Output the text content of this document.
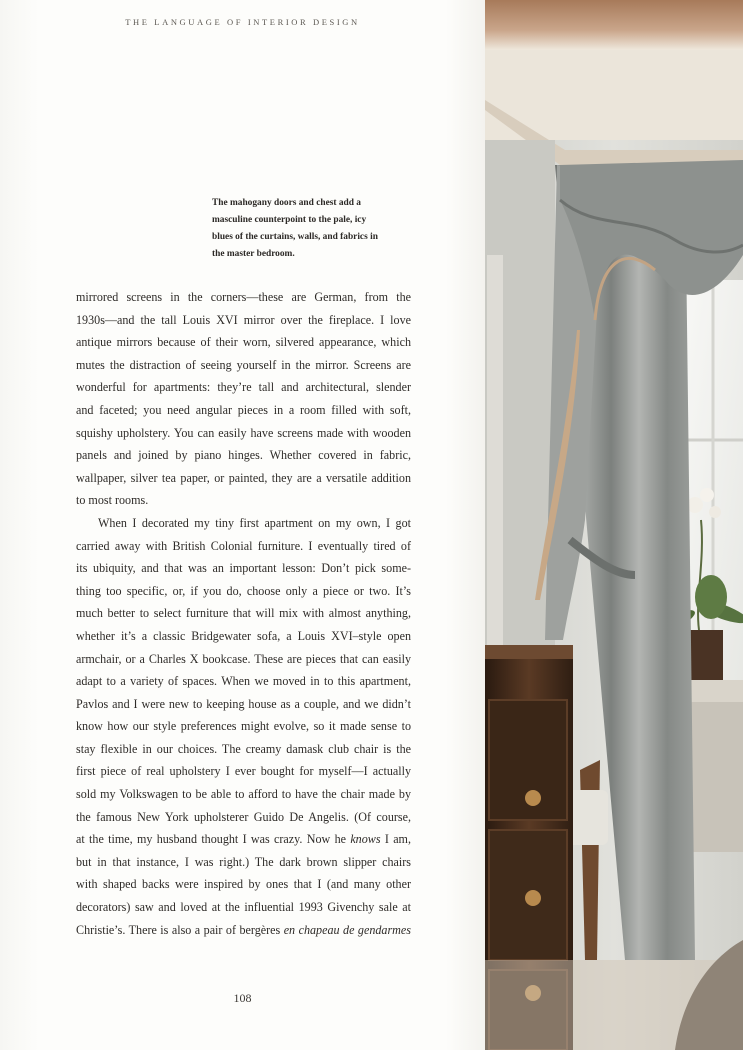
THE LANGUAGE OF INTERIOR DESIGN
The mahogany doors and chest add a
masculine counterpoint to the pale, icy
blues of the curtains, walls, and fabrics in
the master bedroom.
mirrored screens in the corners—these are German, from the
1930s—and the tall Louis XVI mirror over the fireplace. I love
antique mirrors because of their worn, silvered appearance, which
mutes the distraction of seeing yourself in the mirror. Screens are
wonderful for apartments: they’re tall and architectural, slender
and faceted; you need angular pieces in a room filled with soft,
squishy upholstery. You can easily have screens made with wooden
panels and joined by piano hinges. Whether covered in fabric,
wallpaper, silver tea paper, or painted, they are a versatile addition
to most rooms.
When I decorated my tiny first apartment on my own, I got
carried away with British Colonial furniture. I eventually tired of
its ubiquity, and that was an important lesson: Don’t pick some-
thing too specific, or, if you do, choose only a piece or two. It’s
much better to select furniture that will mix with almost anything,
whether it’s a classic Bridgewater sofa, a Louis XVI–style open
armchair, or a Charles X bookcase. These are pieces that can easily
adapt to a variety of spaces. When we moved in to this apartment,
Pavlos and I were new to keeping house as a couple, and we didn’t
know how our style preferences might evolve, so it made sense to
stay flexible in our choices. The creamy damask club chair is the
first piece of real upholstery I ever bought for myself—I actually
sold my Volkswagen to be able to afford to have the chair made by
the famous New York upholsterer Guido De Angelis. (Of course,
at the time, my husband thought I was crazy. Now he knows I am,
but in that instance, I was right.) The dark brown slipper chairs
with shaped backs were inspired by ones that I (and many other
decorators) saw and loved at the influential 1993 Givenchy sale at
Christie’s. There is also a pair of bergères en chapeau de gendarmes
108
